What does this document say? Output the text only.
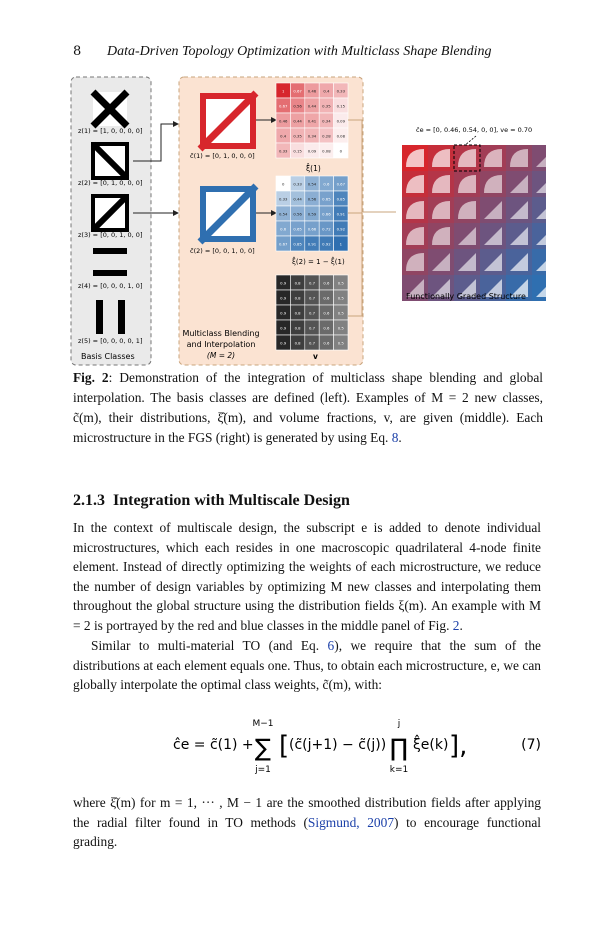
8 Data-Driven Topology Optimization with Multiclass Shape Blending
z(1) = [1, 0, 0, 0, 0]
z(2) = [0, 1, 0, 0, 0]
z(3) = [0, 0, 1, 0, 0]
z(4) = [0, 0, 0, 1, 0]
z(5) = [0, 0, 0, 0, 1]
Basis Classes
c̃(1) = [0, 1, 0, 0, 0]
c̃(2) = [0, 0, 1, 0, 0]
1 0.67 0.46 0.4 0.33
0.67 0.56 0.44 0.35 0.15
0.46 0.44 0.41 0.34 0.09
0.4 0.35 0.34 0.28 0.08
0.33 0.15 0.09 0.08 0
0 0.33 0.54 0.6 0.67
0.33 0.44 0.56 0.65 0.85
0.54 0.56 0.59 0.66 0.91
0.6 0.65 0.66 0.72 0.92
0.67 0.85 0.91 0.92 1
0.9 0.8 0.7 0.6 0.5
0.9 0.8 0.7 0.6 0.5
0.9 0.8 0.7 0.6 0.5
0.9 0.8 0.7 0.6 0.5
0.9 0.8 0.7 0.6 0.5
ξ̂(1)
ξ̂(2) = 1 − ξ̂(1)
v
Multiclass Blending
and Interpolation
(M = 2)
ĉe = [0, 0.46, 0.54, 0, 0], ve = 0.70
Functionally Graded Structure
Fig. 2: Demonstration of the integration of multiclass shape blending and global interpolation. The basis classes are defined (left). Examples of M = 2 new classes, c̃(m), their distributions, ξ̂(m), and volume fractions, v, are given (middle). Each microstructure in the FGS (right) is generated by using Eq. 8.
2.1.3 Integration with Multiscale Design
In the context of multiscale design, the subscript e is added to denote individual microstructures, which each resides in one macroscopic quadrilateral 4-node finite element. Instead of directly optimizing the weights of each microstructure, we reduce the number of design variables by optimizing M new classes and interpolating them throughout the global structure using the distribution fields ξ(m). An example with M = 2 is portrayed by the red and blue classes in the middle panel of Fig. 2.
Similar to multi-material TO (and Eq. 6), we require that the sum of the distributions at each element equals one. Thus, to obtain each microstructure, e, we can globally interpolate the optimal class weights, c̃(m), with:
ĉe = c̃(1) +
M−1
∑
j=1
[ (c̃(j+1) − c̃(j))
j
∏
k=1
ξ̂e(k) ],	(7)
where ξ̂(m) for m = 1, ··· , M − 1 are the smoothed distribution fields after applying the radial filter found in TO methods (Sigmund, 2007) to encourage functional grading.
